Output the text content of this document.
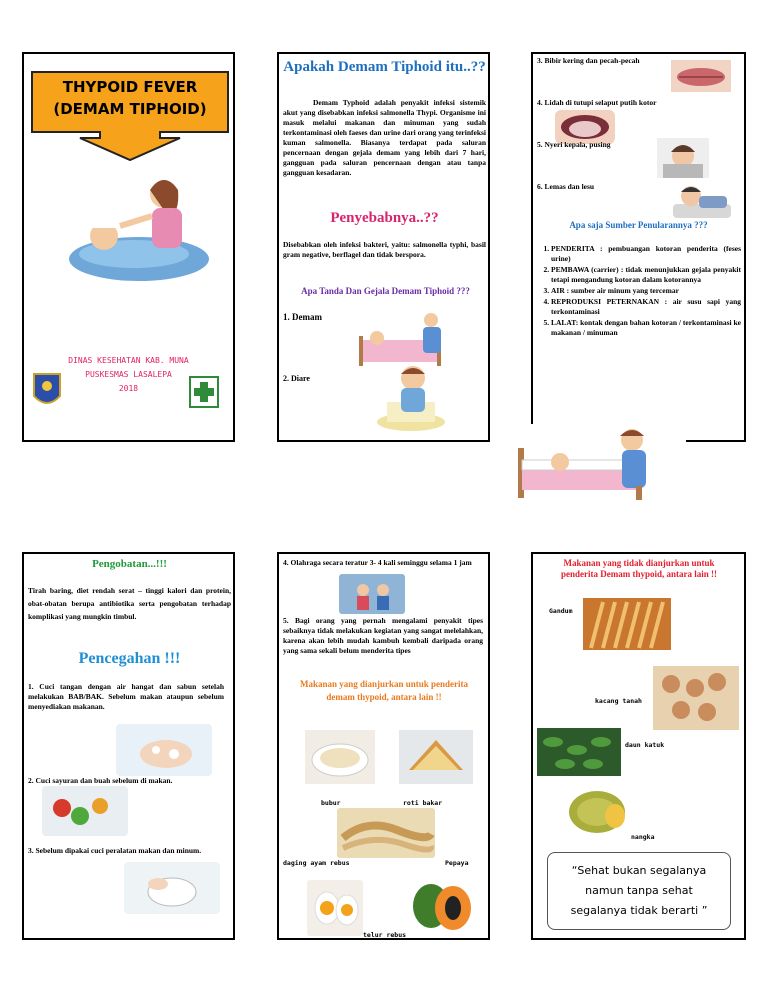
THYPOID FEVER
(DEMAM TIPHOID)
DINAS KESEHATAN KAB. MUNA
PUSKESMAS LASALEPA
2018
Apakah Demam Tiphoid itu..??
Demam Typhoid adalah penyakit infeksi sistemik akut yang disebabkan infeksi salmonella Thypi. Organisme ini masuk melalui makanan dan minuman yang sudah terkontaminasi oleh faeses dan urine dari orang yang terinfeksi kuman salmonella. Biasanya terdapat pada saluran pencernaan dengan gejala demam yang lebih dari 7 hari, gangguan pada saluran pencernaan dengan atau tanpa gangguan kesadaran.
Penyebabnya..??
Disebabkan oleh infeksi bakteri, yaitu: salmonella typhi, basil gram negative, berflagel dan tidak berspora.
Apa Tanda Dan Gejala Demam Tiphoid ???
1. Demam
2. Diare
3. Bibir kering dan pecah-pecah
4. Lidah di tutupi selaput putih kotor
5. Nyeri kepala, pusing
6. Lemas dan lesu
Apa saja Sumber Penularannya ???
1. PENDERITA : pembuangan kotoran penderita (feses urine)
2. PEMBAWA (carrier) : tidak menunjukkan gejala penyakit tetapi mengandung kotoran dalam kotorannya
3. AIR : sumber air minum yang tercemar
4. REPRODUKSI PETERNAKAN : air susu sapi yang terkontaminasi
5. LALAT: kontak dengan bahan kotoran / terkontaminasi ke makanan / minuman
Pengobatan...!!!
Tirah baring, diet rendah serat – tinggi kalori dan protein, obat-obatan berupa antibiotika serta pengobatan terhadap komplikasi yang mungkin timbul.
Pencegahan !!!
1. Cuci tangan dengan air hangat dan sabun setelah melakukan BAB/BAK. Sebelum makan ataupun sebelum menyediakan makanan.
2. Cuci sayuran dan buah sebelum di makan.
3. Sebelum dipakai cuci peralatan makan dan minum.
4. Olahraga secara teratur 3- 4 kali seminggu selama 1 jam
5. Bagi orang yang pernah mengalami penyakit tipes sebaiknya tidak melakukan kegiatan yang sangat melelahkan, karena akan lebih mudah kambuh kembali daripada orang yang sama sekali belum menderita tipes
Makanan yang dianjurkan untuk penderita demam thypoid, antara lain !!
bubur	roti bakar
daging ayam rebus	Pepaya
telur rebus
Makanan yang tidak dianjurkan untuk penderita Demam thypoid, antara lain !!
Gandum
kacang tanah
daun katuk
nangka
“Sehat bukan segalanya namun tanpa sehat segalanya tidak berarti ”
